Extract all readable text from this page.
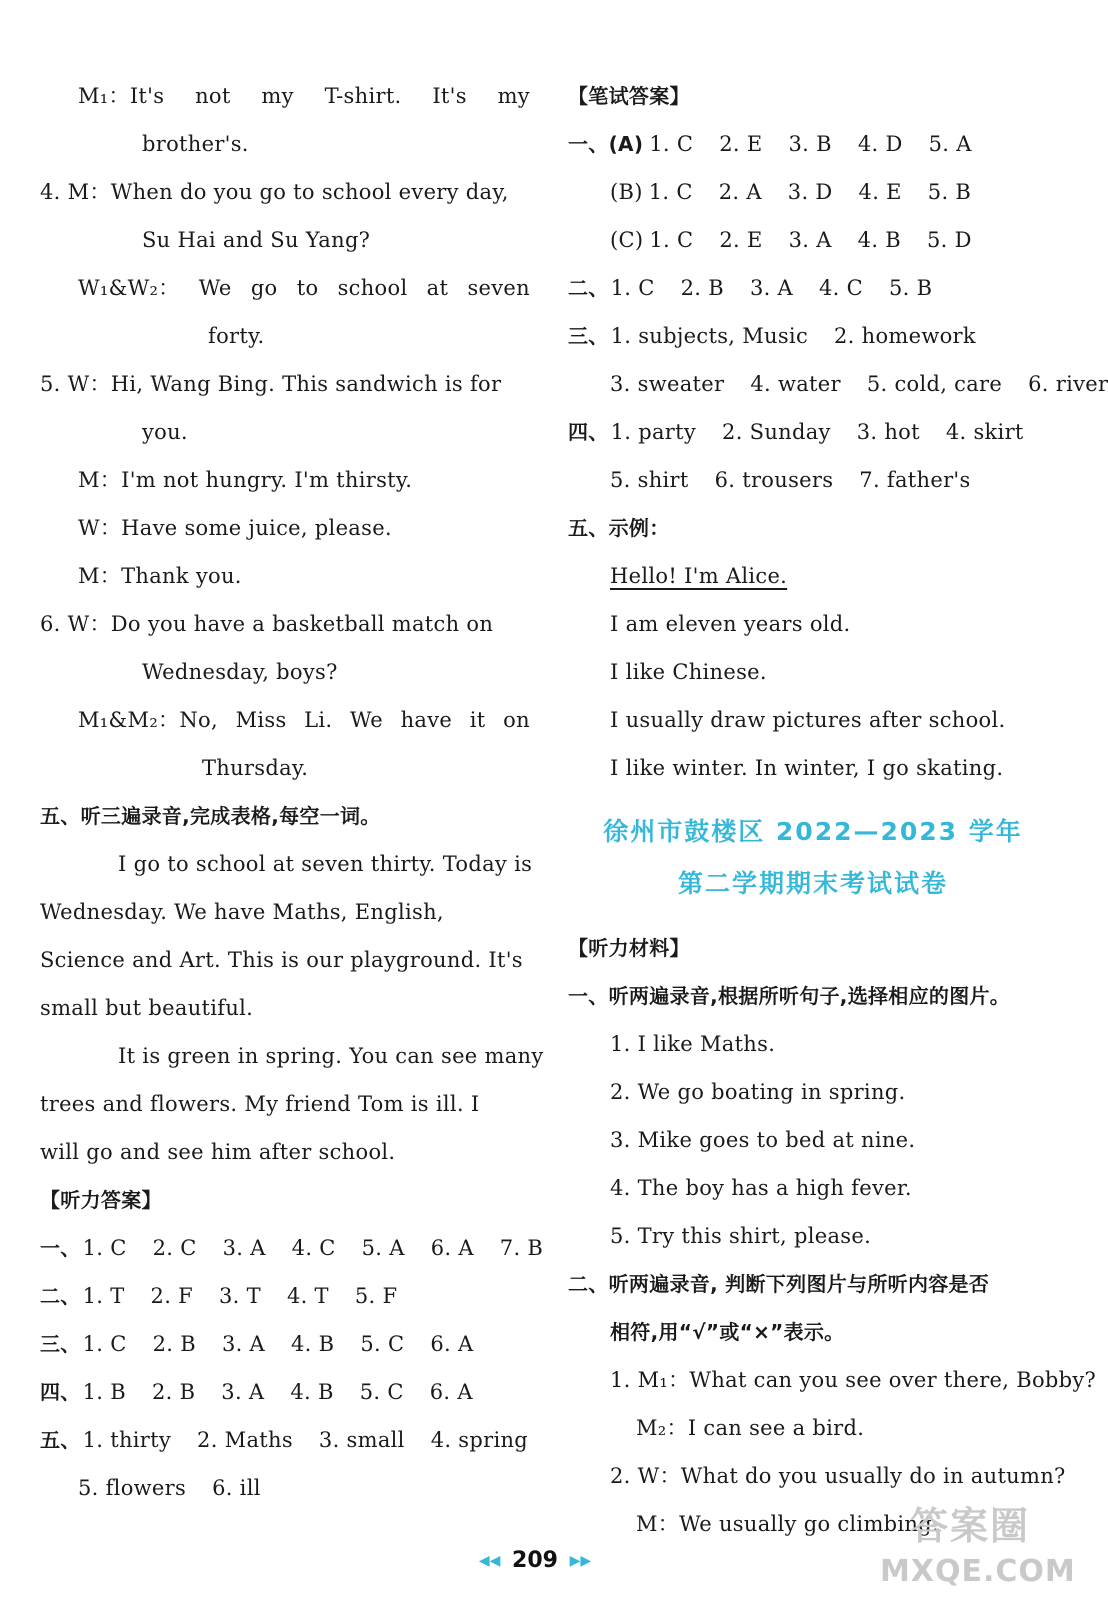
M₁：It's not my T-shirt. It's my
brother's.
4. M：When do you go to school every day,
Su Hai and Su Yang?
W₁&W₂： We go to school at seven
forty.
5. W：Hi, Wang Bing. This sandwich is for
you.
M：I'm not hungry. I'm thirsty.
W：Have some juice, please.
M：Thank you.
6. W：Do you have a basketball match on
Wednesday, boys?
M₁&M₂：No, Miss Li. We have it on
Thursday.
五、听三遍录音,完成表格,每空一词。
I go to school at seven thirty. Today is
Wednesday. We have Maths, English,
Science and Art. This is our playground. It's
small but beautiful.
It is green in spring. You can see many
trees and flowers. My friend Tom is ill. I
will go and see him after school.
【听力答案】
一、1. C 2. C 3. A 4. C 5. A 6. A 7. B
二、1. T 2. F 3. T 4. T 5. F
三、1. C 2. B 3. A 4. B 5. C 6. A
四、1. B 2. B 3. A 4. B 5. C 6. A
五、1. thirty 2. Maths 3. small 4. spring
5. flowers 6. ill
【笔试答案】
一、(A) 1. C 2. E 3. B 4. D 5. A
(B) 1. C 2. A 3. D 4. E 5. B
(C) 1. C 2. E 3. A 4. B 5. D
二、1. C 2. B 3. A 4. C 5. B
三、1. subjects, Music 2. homework
3. sweater 4. water 5. cold, care 6. river
四、1. party 2. Sunday 3. hot 4. skirt
5. shirt 6. trousers 7. father's
五、示例：
Hello! I'm Alice.
I am eleven years old.
I like Chinese.
I usually draw pictures after school.
I like winter. In winter, I go skating.
徐州市鼓楼区 2022—2023 学年
第二学期期末考试试卷
【听力材料】
一、听两遍录音,根据所听句子,选择相应的图片。
1. I like Maths.
2. We go boating in spring.
3. Mike goes to bed at nine.
4. The boy has a high fever.
5. Try this shirt, please.
二、听两遍录音, 判断下列图片与所听内容是否
相符,用“√”或“×”表示。
1. M₁：What can you see over there, Bobby?
M₂：I can see a bird.
2. W：What do you usually do in autumn?
M：We usually go climbing.
◀◀ 209 ▶▶
答案圈
MXQE.COM
